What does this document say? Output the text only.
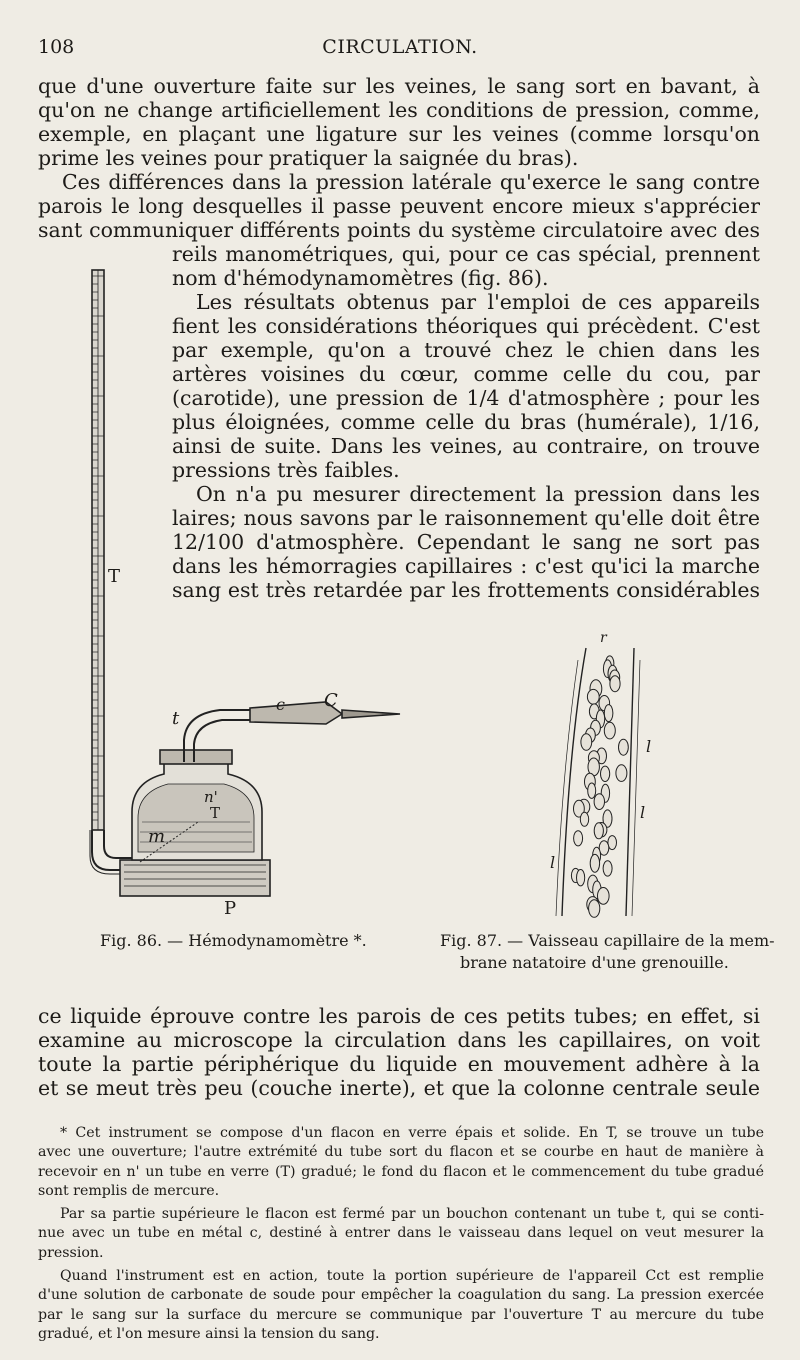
108	CIRCULATION.
que d'une ouverture faite sur les veines, le sang sort en bavant, à
qu'on ne change artificiellement les conditions de pression, comme,
exemple, en plaçant une ligature sur les veines (comme lorsqu'on
prime les veines pour pratiquer la saignée du bras).
Ces différences dans la pression latérale qu'exerce le sang contre
parois le long desquelles il passe peuvent encore mieux s'apprécier
sant communiquer différents points du système circulatoire avec des
reils manométriques, qui, pour ce cas spécial, prennent
nom d'hémodynamomètres (fig. 86).
Les résultats obtenus par l'emploi de ces appareils
fient les considérations théoriques qui précèdent. C'est
par exemple, qu'on a trouvé chez le chien dans les
artères voisines du cœur, comme celle du cou, par
(carotide), une pression de 1/4 d'atmosphère ; pour les
plus éloignées, comme celle du bras (humérale), 1/16,
ainsi de suite. Dans les veines, au contraire, on trouve
pressions très faibles.
On n'a pu mesurer directement la pression dans les
laires; nous savons par le raisonnement qu'elle doit être
12/100 d'atmosphère. Cependant le sang ne sort pas
dans les hémorragies capillaires : c'est qu'ici la marche
sang est très retardée par les frottements considérables
T
t
c C
n'
T
m
P
r
l
l
l
Fig. 86. — Hémodynamomètre *.	Fig. 87. — Vaisseau capillaire de la mem-
brane natatoire d'une grenouille.
ce liquide éprouve contre les parois de ces petits tubes; en effet, si
examine au microscope la circulation dans les capillaires, on voit
toute la partie périphérique du liquide en mouvement adhère à la
et se meut très peu (couche inerte), et que la colonne centrale seule
* Cet instrument se compose d'un flacon en verre épais et solide. En T, se trouve un tube
avec une ouverture; l'autre extrémité du tube sort du flacon et se courbe en haut de manière à
recevoir en n' un tube en verre (T) gradué; le fond du flacon et le commencement du tube gradué
sont remplis de mercure.
Par sa partie supérieure le flacon est fermé par un bouchon contenant un tube t, qui se conti-
nue avec un tube en métal c, destiné à entrer dans le vaisseau dans lequel on veut mesurer la
pression.
Quand l'instrument est en action, toute la portion supérieure de l'appareil Cct est remplie
d'une solution de carbonate de soude pour empêcher la coagulation du sang. La pression exercée
par le sang sur la surface du mercure se communique par l'ouverture T au mercure du tube
gradué, et l'on mesure ainsi la tension du sang.
